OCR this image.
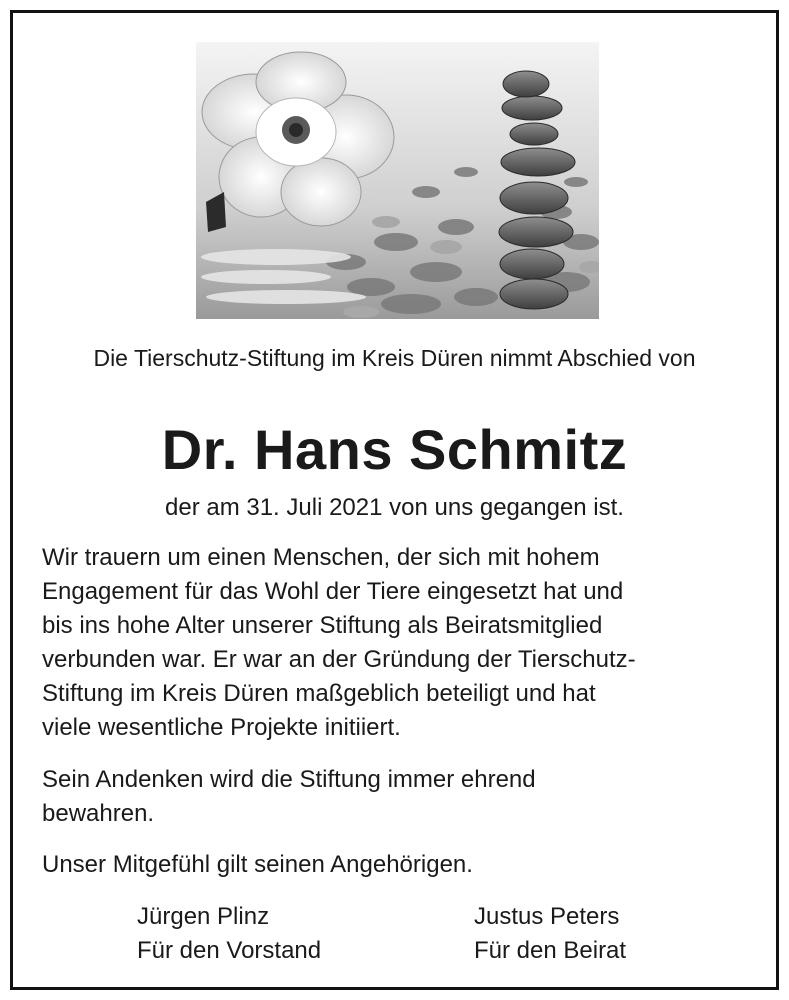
Die Tierschutz-Stiftung im Kreis Düren nimmt Abschied von
Dr. Hans Schmitz
der am 31. Juli 2021 von uns gegangen ist.
Wir trauern um einen Menschen, der sich mit hohem
Engagement für das Wohl der Tiere eingesetzt hat und
bis ins hohe Alter unserer Stiftung als Beiratsmitglied
verbunden war. Er war an der Gründung der Tierschutz-
Stiftung im Kreis Düren maßgeblich beteiligt und hat
viele wesentliche Projekte initiiert.
Sein Andenken wird die Stiftung immer ehrend
bewahren.
Unser Mitgefühl gilt seinen Angehörigen.
Jürgen Plinz
Für den Vorstand
Justus Peters
Für den Beirat
